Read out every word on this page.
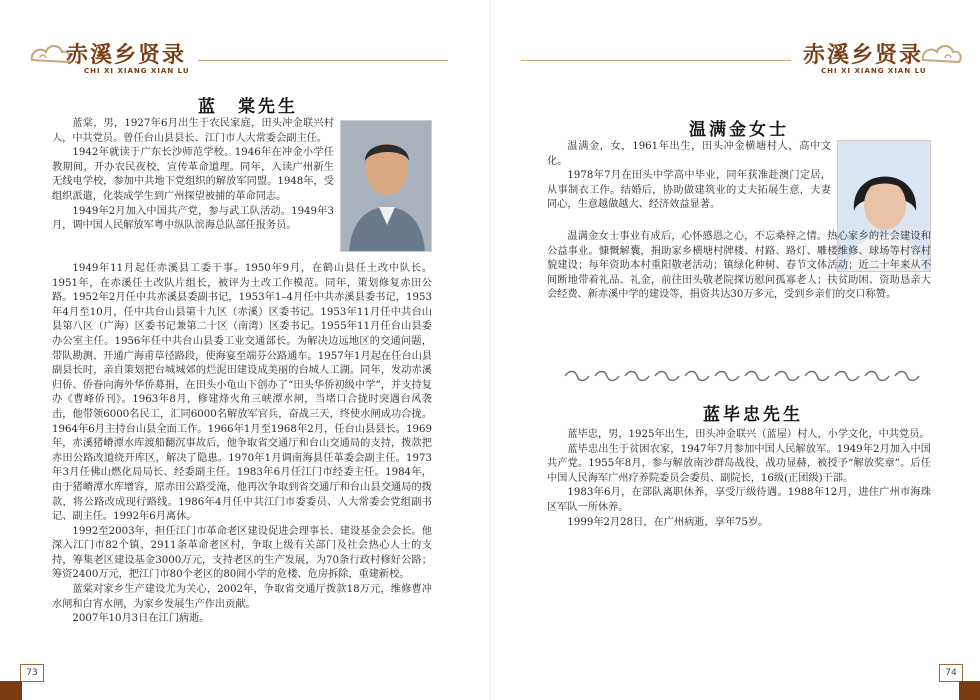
赤溪乡贤录
CHI XI XIANG XIAN LU
蓝　棠先生

蓝棠，男，1927年6月出生于农民家庭，田头冲金联兴村人，中共党员。曾任台山县县长、江门市人大常委会副主任。

1942年就读于广东长沙师范学校。1946年在冲金小学任教期间，开办农民夜校，宣传革命道理。同年，入读广州新生无线电学校，参加中共地下党组织的解放军同盟。1948年，受组织派遣，化装成学生到广州探望被捕的革命同志。

1949年2月加入中国共产党，参与武工队活动。1949年3月，调中国人民解放军粤中纵队滨海总队部任报务员。

1949年11月起任赤溪县工委干事。1950年9月，在鹤山县任土改中队长。1951年，在赤溪任土改队片组长，被评为土改工作模范。同年，策划修复赤田公路。1952年2月任中共赤溪县委副书记，1953年1–4月任中共赤溪县委书记，1953年4月至10月，任中共台山县第十九区（赤溪）区委书记。1953年11月任中共台山县第八区（广海）区委书记兼第二十区（南湾）区委书记。1955年11月任台山县委办公室主任。1956年任中共台山县委工业交通部长。为解决边远地区的交通问题，带队勘测、开通广海甫草径路段，使海宴至端芬公路通车。1957年1月起在任台山县副县长时，亲自策划把台城城郊的烂泥田建设成美丽的台城人工湖。同年，发动赤溪归侨、侨眷向海外华侨募捐，在田头小龟山下创办了“田头华侨初级中学”，并支持复办《曹峰侨刊》。1963年8月，修建烽火角三峡潭水闸，当堵口合拢时突遇台风袭击，他带领6000名民工，汇同6000名解放军官兵，奋战三天，终使水闸成功合拢。1964年6月主持台山县全面工作。1966年1月至1968年2月，任台山县县长。1969年，赤溪猪嵴潭水库渡船翻沉事故后，他争取省交通厅和台山交通局的支持，拨款把赤田公路改道绕开库区，解决了隐患。1970年1月调南海县任革委会副主任。1973年3月任佛山燃化局局长、经委副主任。1983年6月任江门市经委主任。1984年，由于猪嵴潭水库增容，原赤田公路受淹，他再次争取到省交通厅和台山县交通局的拨款，将公路改成现行路线。1986年4月任中共江门市委委员、人大常委会党组副书记、副主任。1992年6月离休。

1992至2003年，担任江门市革命老区建设促进会理事长、建设基金会会长。他深入江门市82个镇、2911条革命老区村，争取上级有关部门及社会热心人士的支持，筹集老区建设基金3000万元，支持老区的生产发展，为70条行政村修好公路；筹资2400万元，把江门市80个老区的80间小学的危楼、危房拆除，重建新校。

蓝棠对家乡生产建设尤为关心，2002年，争取省交通厅拨款18万元，维修曹冲水闸和白宵水闸，为家乡发展生产作出贡献。

2007年10月3日在江门病逝。

73
赤溪乡贤录
CHI XI XIANG XIAN LU
温满金女士

温满金，女，1961年出生，田头冲金横塘村人，高中文化。

1978年7月在田头中学高中毕业，同年获准赴澳门定居，从事制衣工作。结婚后，协助做建筑业的丈夫拓展生意，夫妻同心，生意越做越大、经济效益显著。

温满金女士事业有成后，心怀感恩之心，不忘桑梓之情。热心家乡的社会建设和公益事业。慷慨解囊，捐助家乡横塘村牌楼、村路、路灯、雕楼维修、球场等村容村貌建设；每年资助本村重阳敬老活动；镇绿化种树、春节文体活动；近二十年来从不间断地带着礼品、礼金，前往田头敬老院探访慰问孤寡老人；扶贫助困、资助恳亲大会经费、新赤溪中学的建设等，捐资共达30万多元，受到乡亲们的交口称赞。

蓝毕忠先生

蓝毕忠，男，1925年出生，田头冲金联兴（蓝屋）村人，小学文化，中共党员。

蓝毕忠出生于贫困农家，1947年7月参加中国人民解放军。1949年2月加入中国共产党。1955年8月，参与解放南沙群岛战役，战功显赫，被授予“解放奖章”。后任中国人民海军广州疗养院委员会委员、副院长，16级(正团级)干部。

1983年6月，在部队离职休养，享受厅级待遇。1988年12月，进住广州市海珠区军队一所休养。

1999年2月28日，在广州病逝，享年75岁。

74
